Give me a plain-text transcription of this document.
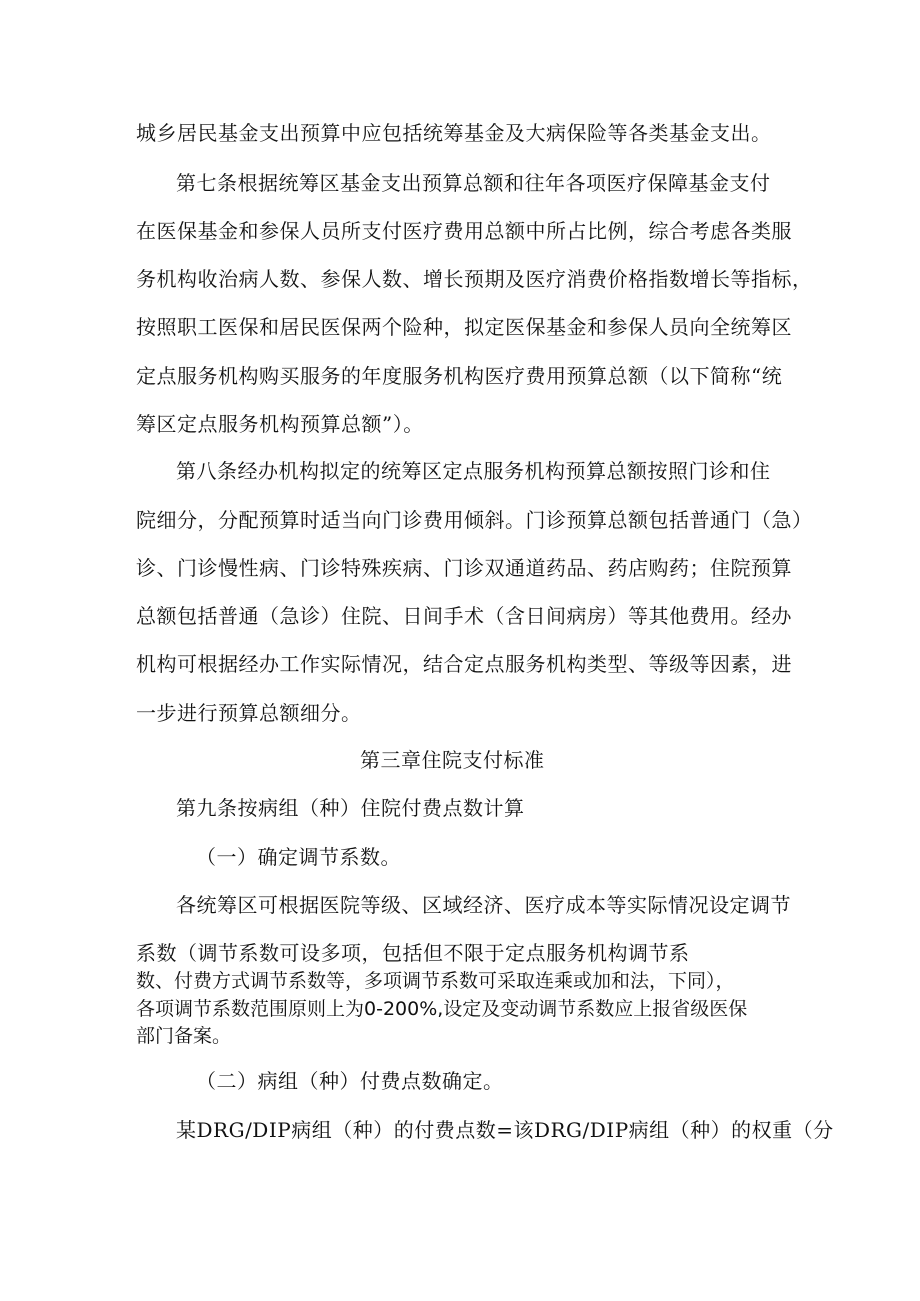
城乡居民基金支出预算中应包括统筹基金及大病保险等各类基金支出。
第七条根据统筹区基金支出预算总额和往年各项医疗保障基金支付
在医保基金和参保人员所支付医疗费用总额中所占比例，综合考虑各类服
务机构收治病人数、参保人数、增长预期及医疗消费价格指数增长等指标，
按照职工医保和居民医保两个险种，拟定医保基金和参保人员向全统筹区
定点服务机构购买服务的年度服务机构医疗费用预算总额（以下简称“统
筹区定点服务机构预算总额”）。
第八条经办机构拟定的统筹区定点服务机构预算总额按照门诊和住
院细分，分配预算时适当向门诊费用倾斜。门诊预算总额包括普通门（急）
诊、门诊慢性病、门诊特殊疾病、门诊双通道药品、药店购药；住院预算
总额包括普通（急诊）住院、日间手术（含日间病房）等其他费用。经办
机构可根据经办工作实际情况，结合定点服务机构类型、等级等因素，进
一步进行预算总额细分。
第三章住院支付标准
第九条按病组（种）住院付费点数计算
（一）确定调节系数。
各统筹区可根据医院等级、区域经济、医疗成本等实际情况设定调节
系数（调节系数可设多项，包括但不限于定点服务机构调节系
数、付费方式调节系数等，多项调节系数可采取连乘或加和法，下同），
各项调节系数范围原则上为0-200%,设定及变动调节系数应上报省级医保
部门备案。
（二）病组（种）付费点数确定。
某DRG/DIP病组（种）的付费点数=该DRG/DIP病组（种）的权重（分
